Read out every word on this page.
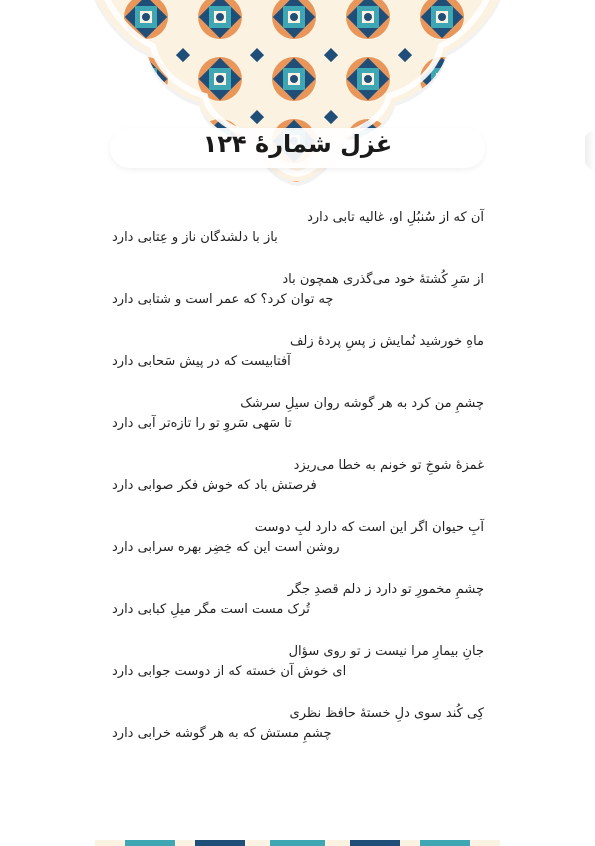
غزل شمارهٔ ۱۲۴
آن که از سُنبُلِ او، غالیه تابی دارد
باز با دلشدگان ناز و عِتابی دارد
از سَرِ کُشتهٔ خود می‌گذری همچون باد
چه توان کرد؟ که عمر است و شتابی دارد
ماهِ خورشید نُمایش ز پسِ پردهٔ زلف
آفتابیست که در پیش سَحابی دارد
چشمِ من کرد به هر گوشه روان سیلِ سرشک
تا سَهی سَروِ تو را تازه‌تر آبی دارد
غمزهٔ شوخِ تو خونم به خطا می‌ریزد
فرصتش باد که خوش فکر صوابی دارد
آبِ حیوان اگر این است که دارد لبِ دوست
روشن است این که خِضِر بهره سرابی دارد
چشمِ مخمورِ تو دارد ز دلم قصدِ جگر
تُرک مست است مگر میلِ کبابی دارد
جانِ بیمارِ مرا نیست ز تو روی سؤال
ای خوش آن خسته که از دوست جوابی دارد
کِی کُند سوی دلِ خستهٔ حافظ نظری
چشمِ مستش که به هر گوشه خرابی دارد
